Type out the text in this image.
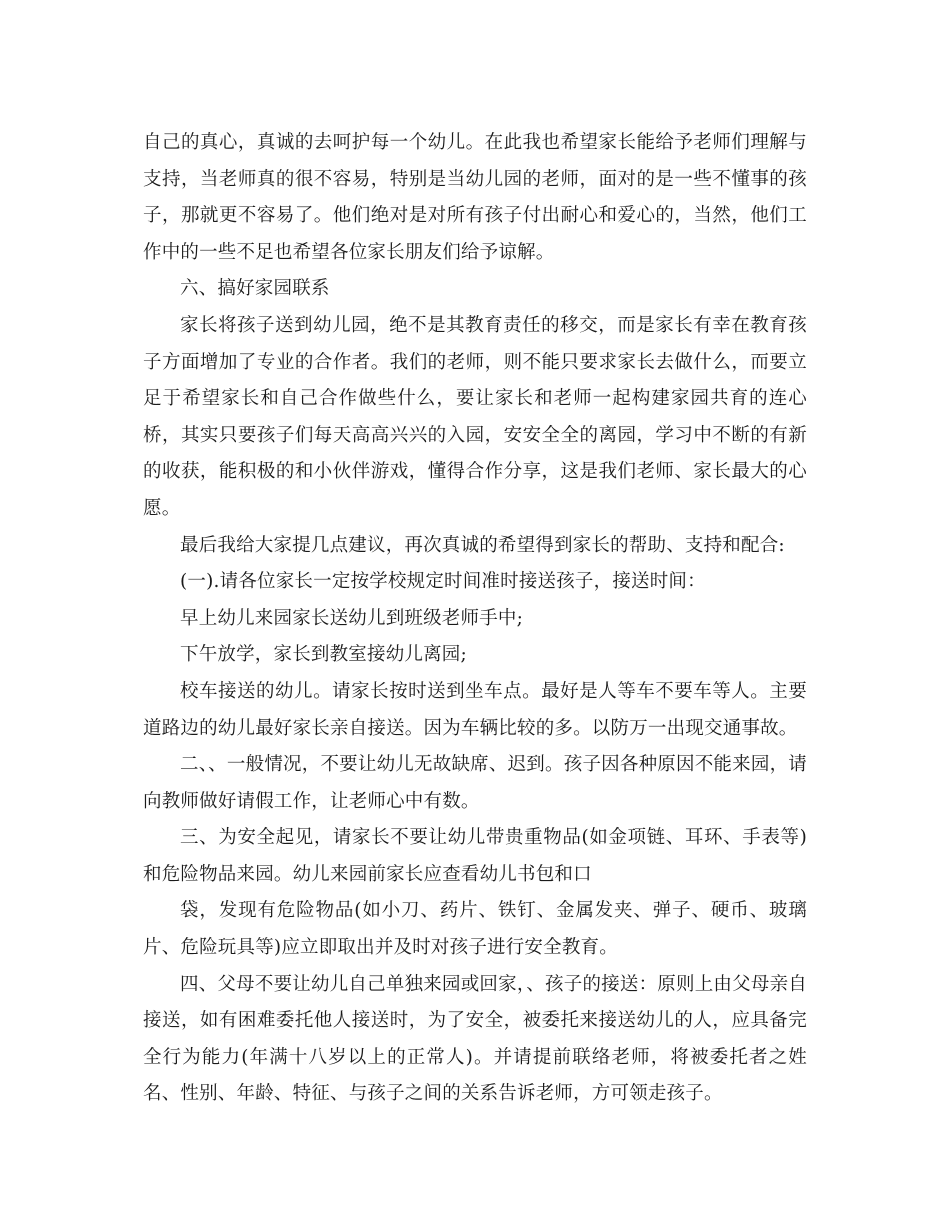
自己的真心，真诚的去呵护每一个幼儿。在此我也希望家长能给予老师们理解与支持，当老师真的很不容易，特别是当幼儿园的老师，面对的是一些不懂事的孩子，那就更不容易了。他们绝对是对所有孩子付出耐心和爱心的，当然，他们工作中的一些不足也希望各位家长朋友们给予谅解。

六、搞好家园联系

家长将孩子送到幼儿园，绝不是其教育责任的移交，而是家长有幸在教育孩子方面增加了专业的合作者。我们的老师，则不能只要求家长去做什么，而要立足于希望家长和自己合作做些什么，要让家长和老师一起构建家园共育的连心桥，其实只要孩子们每天高高兴兴的入园，安安全全的离园，学习中不断的有新的收获，能积极的和小伙伴游戏，懂得合作分享，这是我们老师、家长最大的心愿。

最后我给大家提几点建议，再次真诚的希望得到家长的帮助、支持和配合:

(一).请各位家长一定按学校规定时间准时接送孩子，接送时间：

早上幼儿来园家长送幼儿到班级老师手中;

下午放学，家长到教室接幼儿离园;

校车接送的幼儿。请家长按时送到坐车点。最好是人等车不要车等人。主要道路边的幼儿最好家长亲自接送。因为车辆比较的多。以防万一出现交通事故。

二、、一般情况，不要让幼儿无故缺席、迟到。孩子因各种原因不能来园，请向教师做好请假工作，让老师心中有数。

三、为安全起见，请家长不要让幼儿带贵重物品(如金项链、耳环、手表等)和危险物品来园。幼儿来园前家长应查看幼儿书包和口

袋，发现有危险物品(如小刀、药片、铁钉、金属发夹、弹子、硬币、玻璃片、危险玩具等)应立即取出并及时对孩子进行安全教育。

四、父母不要让幼儿自己单独来园或回家，、孩子的接送：原则上由父母亲自接送，如有困难委托他人接送时，为了安全，被委托来接送幼儿的人，应具备完全行为能力(年满十八岁以上的正常人)。并请提前联络老师，将被委托者之姓名、性别、年龄、特征、与孩子之间的关系告诉老师，方可领走孩子。
